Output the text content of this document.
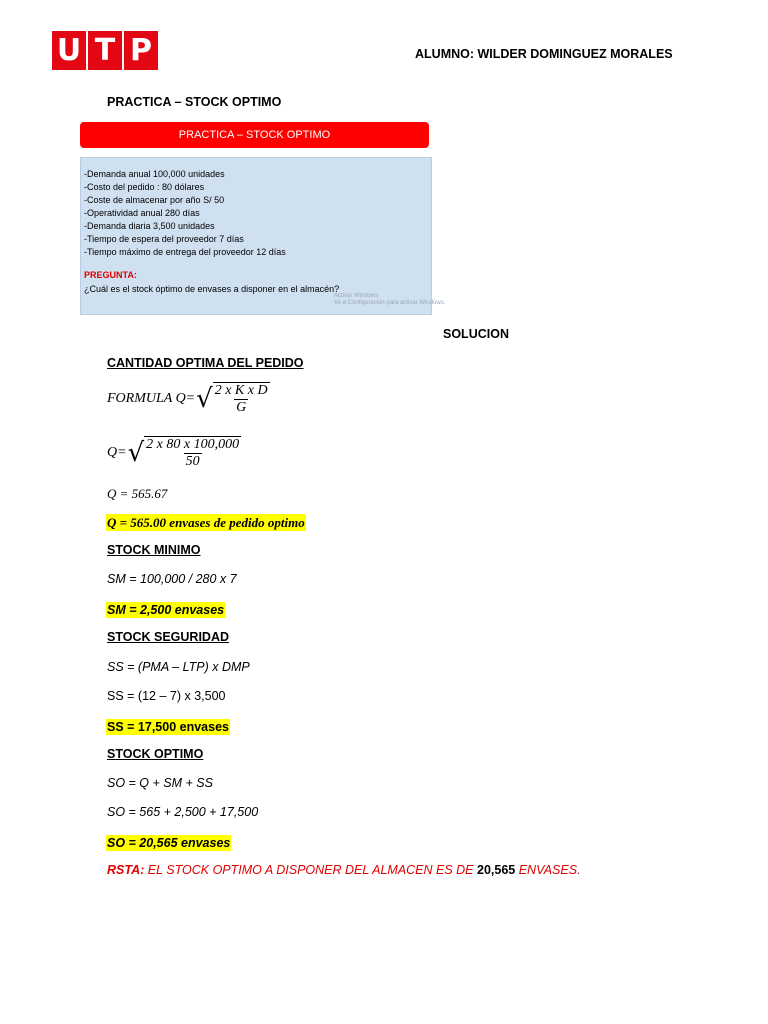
U T P	ALUMNO: WILDER DOMINGUEZ MORALES
PRACTICA – STOCK OPTIMO
PRACTICA – STOCK OPTIMO
-Demanda anual 100,000 unidades
-Costo del pedido : 80 dólares
-Coste de almacenar por año S/ 50
-Operatividad anual 280 días
-Demanda diaria 3,500 unidades
-Tiempo de espera del proveedor 7 días
-Tiempo máximo de entrega del proveedor 12 días
PREGUNTA:
¿Cuál es el stock óptimo de envases a disponer en el almacén?
Activar Windows
Ve a Configuración para activar Windows.
SOLUCION
CANTIDAD OPTIMA DEL PEDIDO
FORMULA Q= √ $\frac{\text{2 x K x D}}{G}$
Q= √ $\frac{2 x 80 x 100,000}{50}$
Q = 565.67
Q = 565.00 envases de pedido optimo
STOCK MINIMO
SM = 100,000 / 280 x 7
SM = 2,500 envases
STOCK SEGURIDAD
SS = (PMA – LTP) x DMP
SS = (12 – 7) x 3,500
SS = 17,500 envases
STOCK OPTIMO
SO = Q + SM + SS
SO = 565 + 2,500 + 17,500
SO = 20,565 envases
RSTA: EL STOCK OPTIMO A DISPONER DEL ALMACEN ES DE 20,565 ENVASES.
